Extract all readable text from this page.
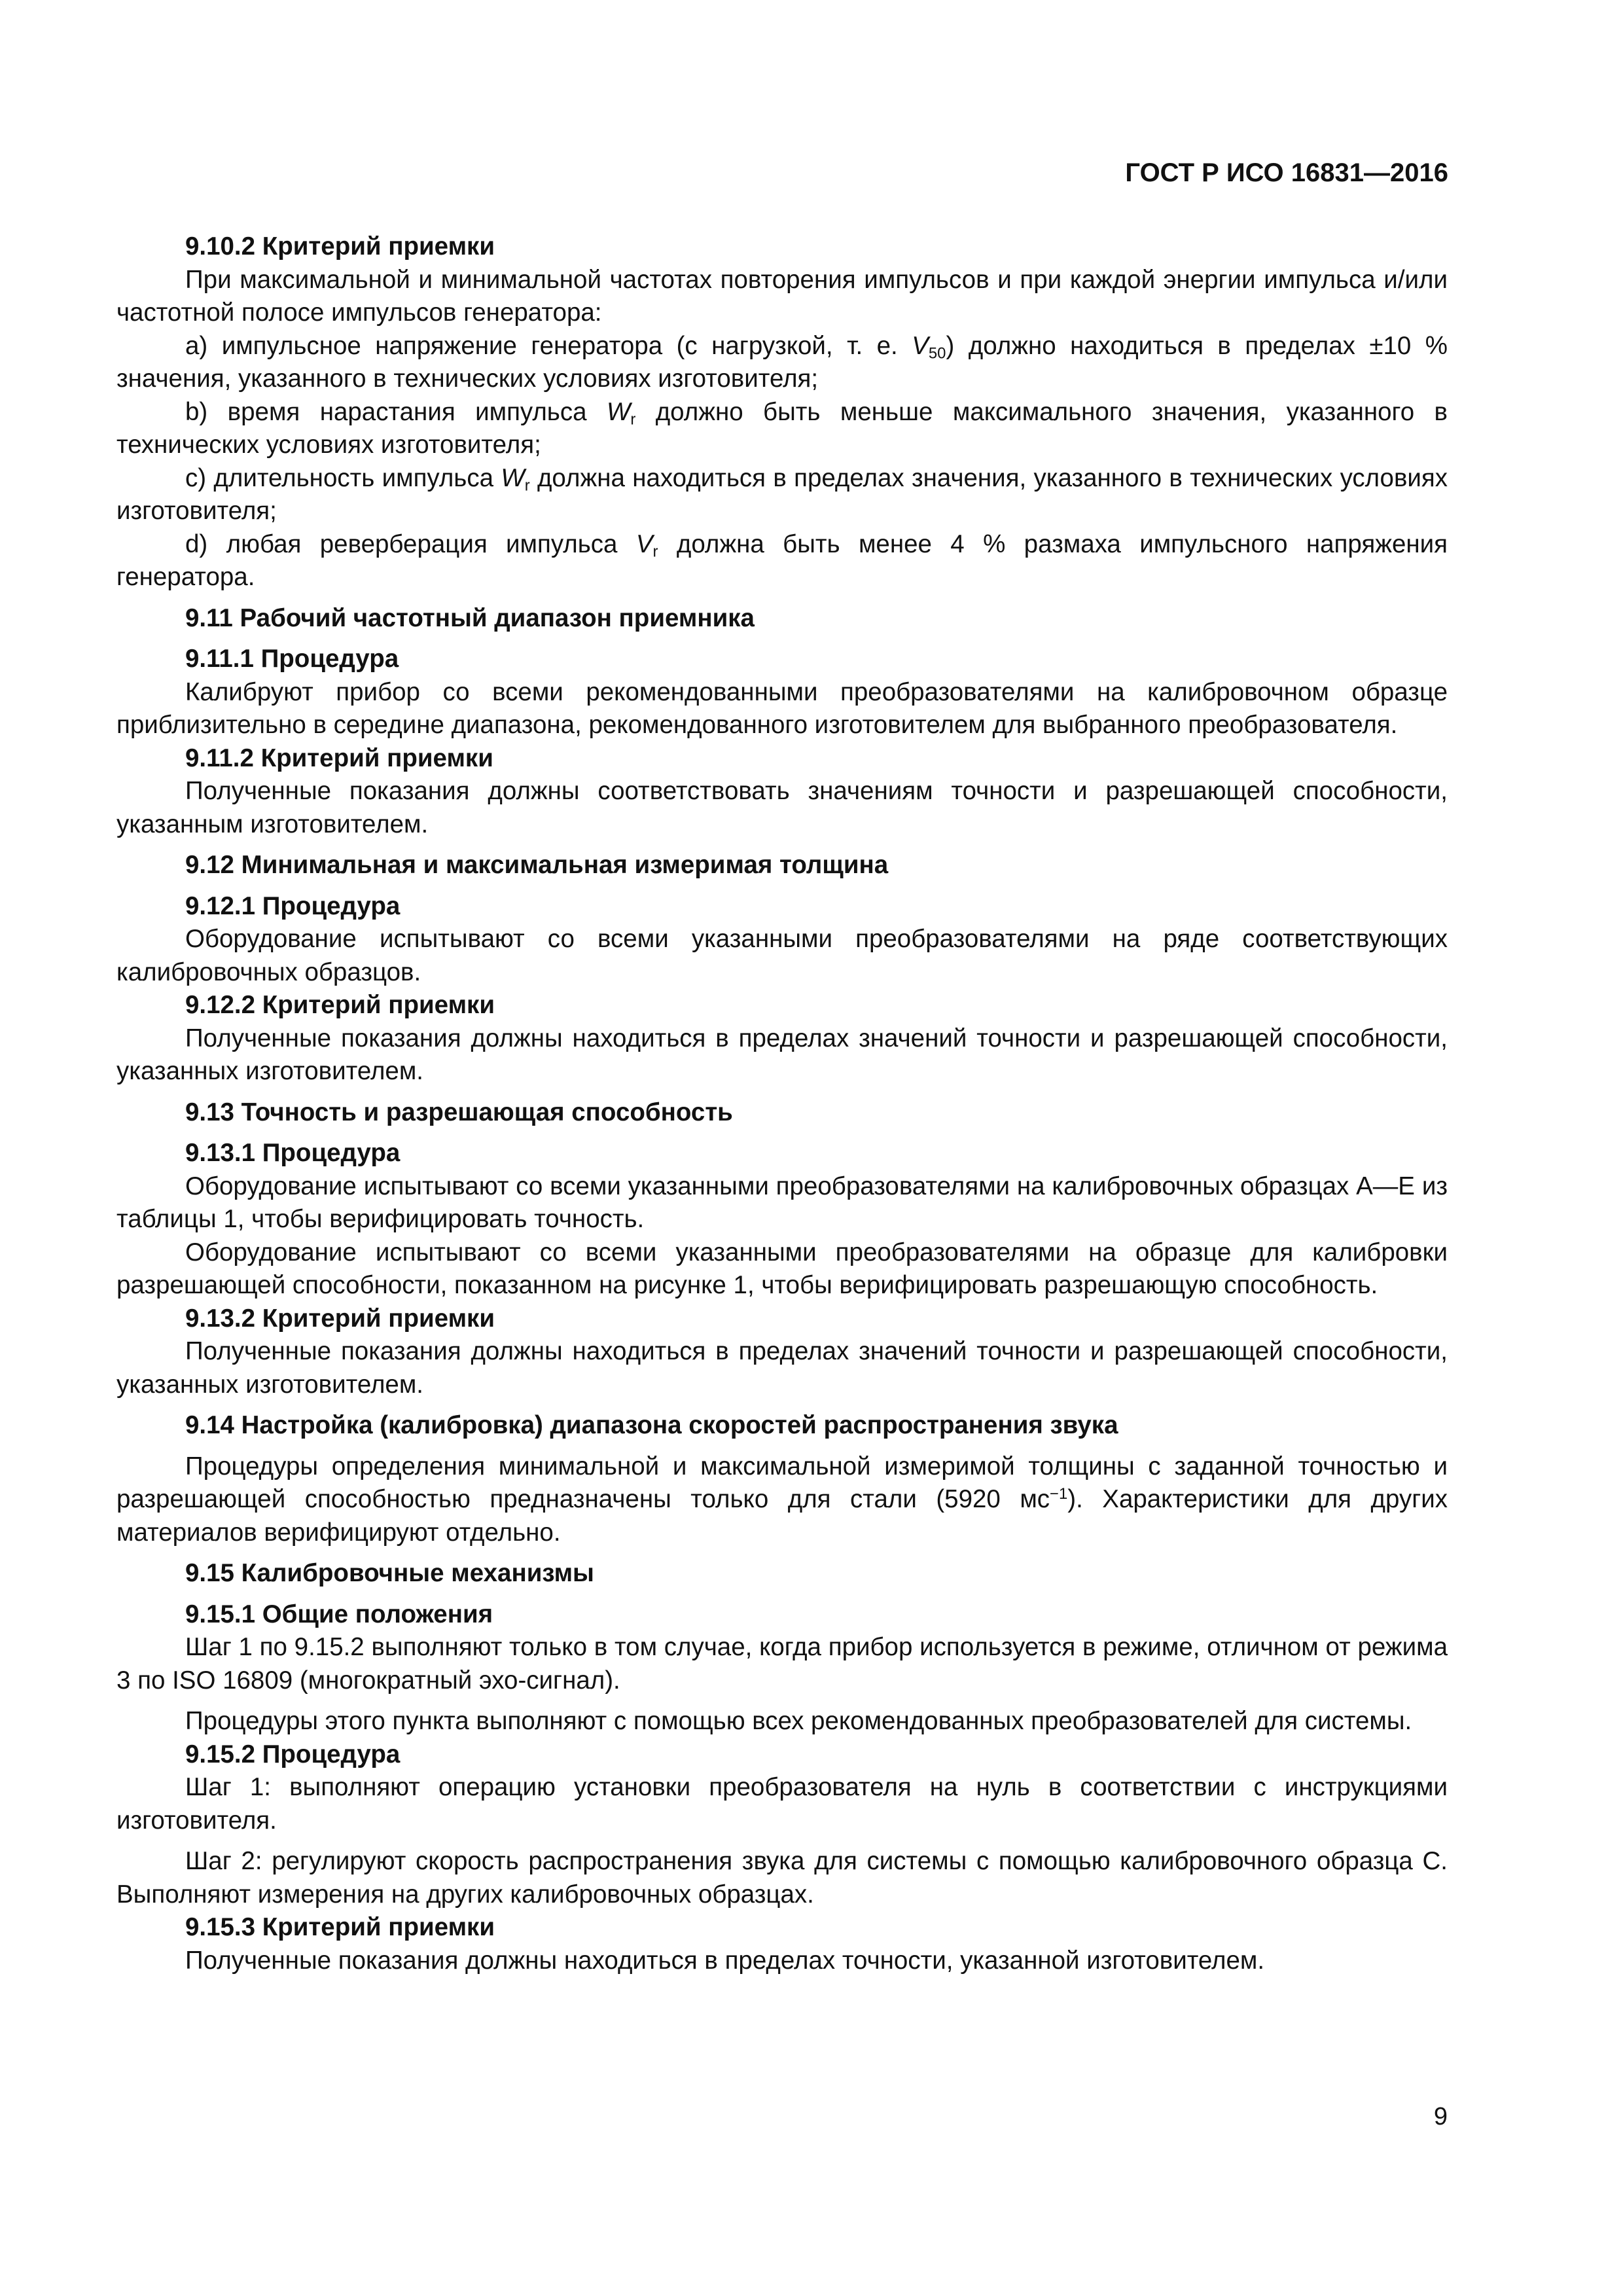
ГОСТ Р ИСО 16831—2016

9.10.2 Критерий приемки

При максимальной и минимальной частотах повторения импульсов и при каждой энергии импульса и/или частотной полосе импульсов генератора:

a) импульсное напряжение генератора (с нагрузкой, т. е. $V_{50}$) должно находиться в пределах ±10 % значения, указанного в технических условиях изготовителя;

b) время нарастания импульса $W_r$ должно быть меньше максимального значения, указанного в технических условиях изготовителя;

c) длительность импульса $W_r$ должна находиться в пределах значения, указанного в технических условиях изготовителя;

d) любая реверберация импульса $V_r$ должна быть менее 4 % размаха импульсного напряжения генератора.

9.11 Рабочий частотный диапазон приемника

9.11.1 Процедура

Калибруют прибор со всеми рекомендованными преобразователями на калибровочном образце приблизительно в середине диапазона, рекомендованного изготовителем для выбранного преобразователя.

9.11.2 Критерий приемки

Полученные показания должны соответствовать значениям точности и разрешающей способности, указанным изготовителем.

9.12 Минимальная и максимальная измеримая толщина

9.12.1 Процедура

Оборудование испытывают со всеми указанными преобразователями на ряде соответствующих калибровочных образцов.

9.12.2 Критерий приемки

Полученные показания должны находиться в пределах значений точности и разрешающей способности, указанных изготовителем.

9.13 Точность и разрешающая способность

9.13.1 Процедура

Оборудование испытывают со всеми указанными преобразователями на калибровочных образцах А—Е из таблицы 1, чтобы верифицировать точность.

Оборудование испытывают со всеми указанными преобразователями на образце для калибровки разрешающей способности, показанном на рисунке 1, чтобы верифицировать разрешающую способность.

9.13.2 Критерий приемки

Полученные показания должны находиться в пределах значений точности и разрешающей способности, указанных изготовителем.

9.14 Настройка (калибровка) диапазона скоростей распространения звука

Процедуры определения минимальной и максимальной измеримой толщины с заданной точностью и разрешающей способностью предназначены только для стали (5920 $мс^{-1}$). Характеристики для других материалов верифицируют отдельно.

9.15 Калибровочные механизмы

9.15.1 Общие положения

Шаг 1 по 9.15.2 выполняют только в том случае, когда прибор используется в режиме, отличном от режима 3 по ISO 16809 (многократный эхо-сигнал).

Процедуры этого пункта выполняют с помощью всех рекомендованных преобразователей для системы.

9.15.2 Процедура

Шаг 1: выполняют операцию установки преобразователя на нуль в соответствии с инструкциями изготовителя.

Шаг 2: регулируют скорость распространения звука для системы с помощью калибровочного образца С. Выполняют измерения на других калибровочных образцах.

9.15.3 Критерий приемки

Полученные показания должны находиться в пределах точности, указанной изготовителем.

9
